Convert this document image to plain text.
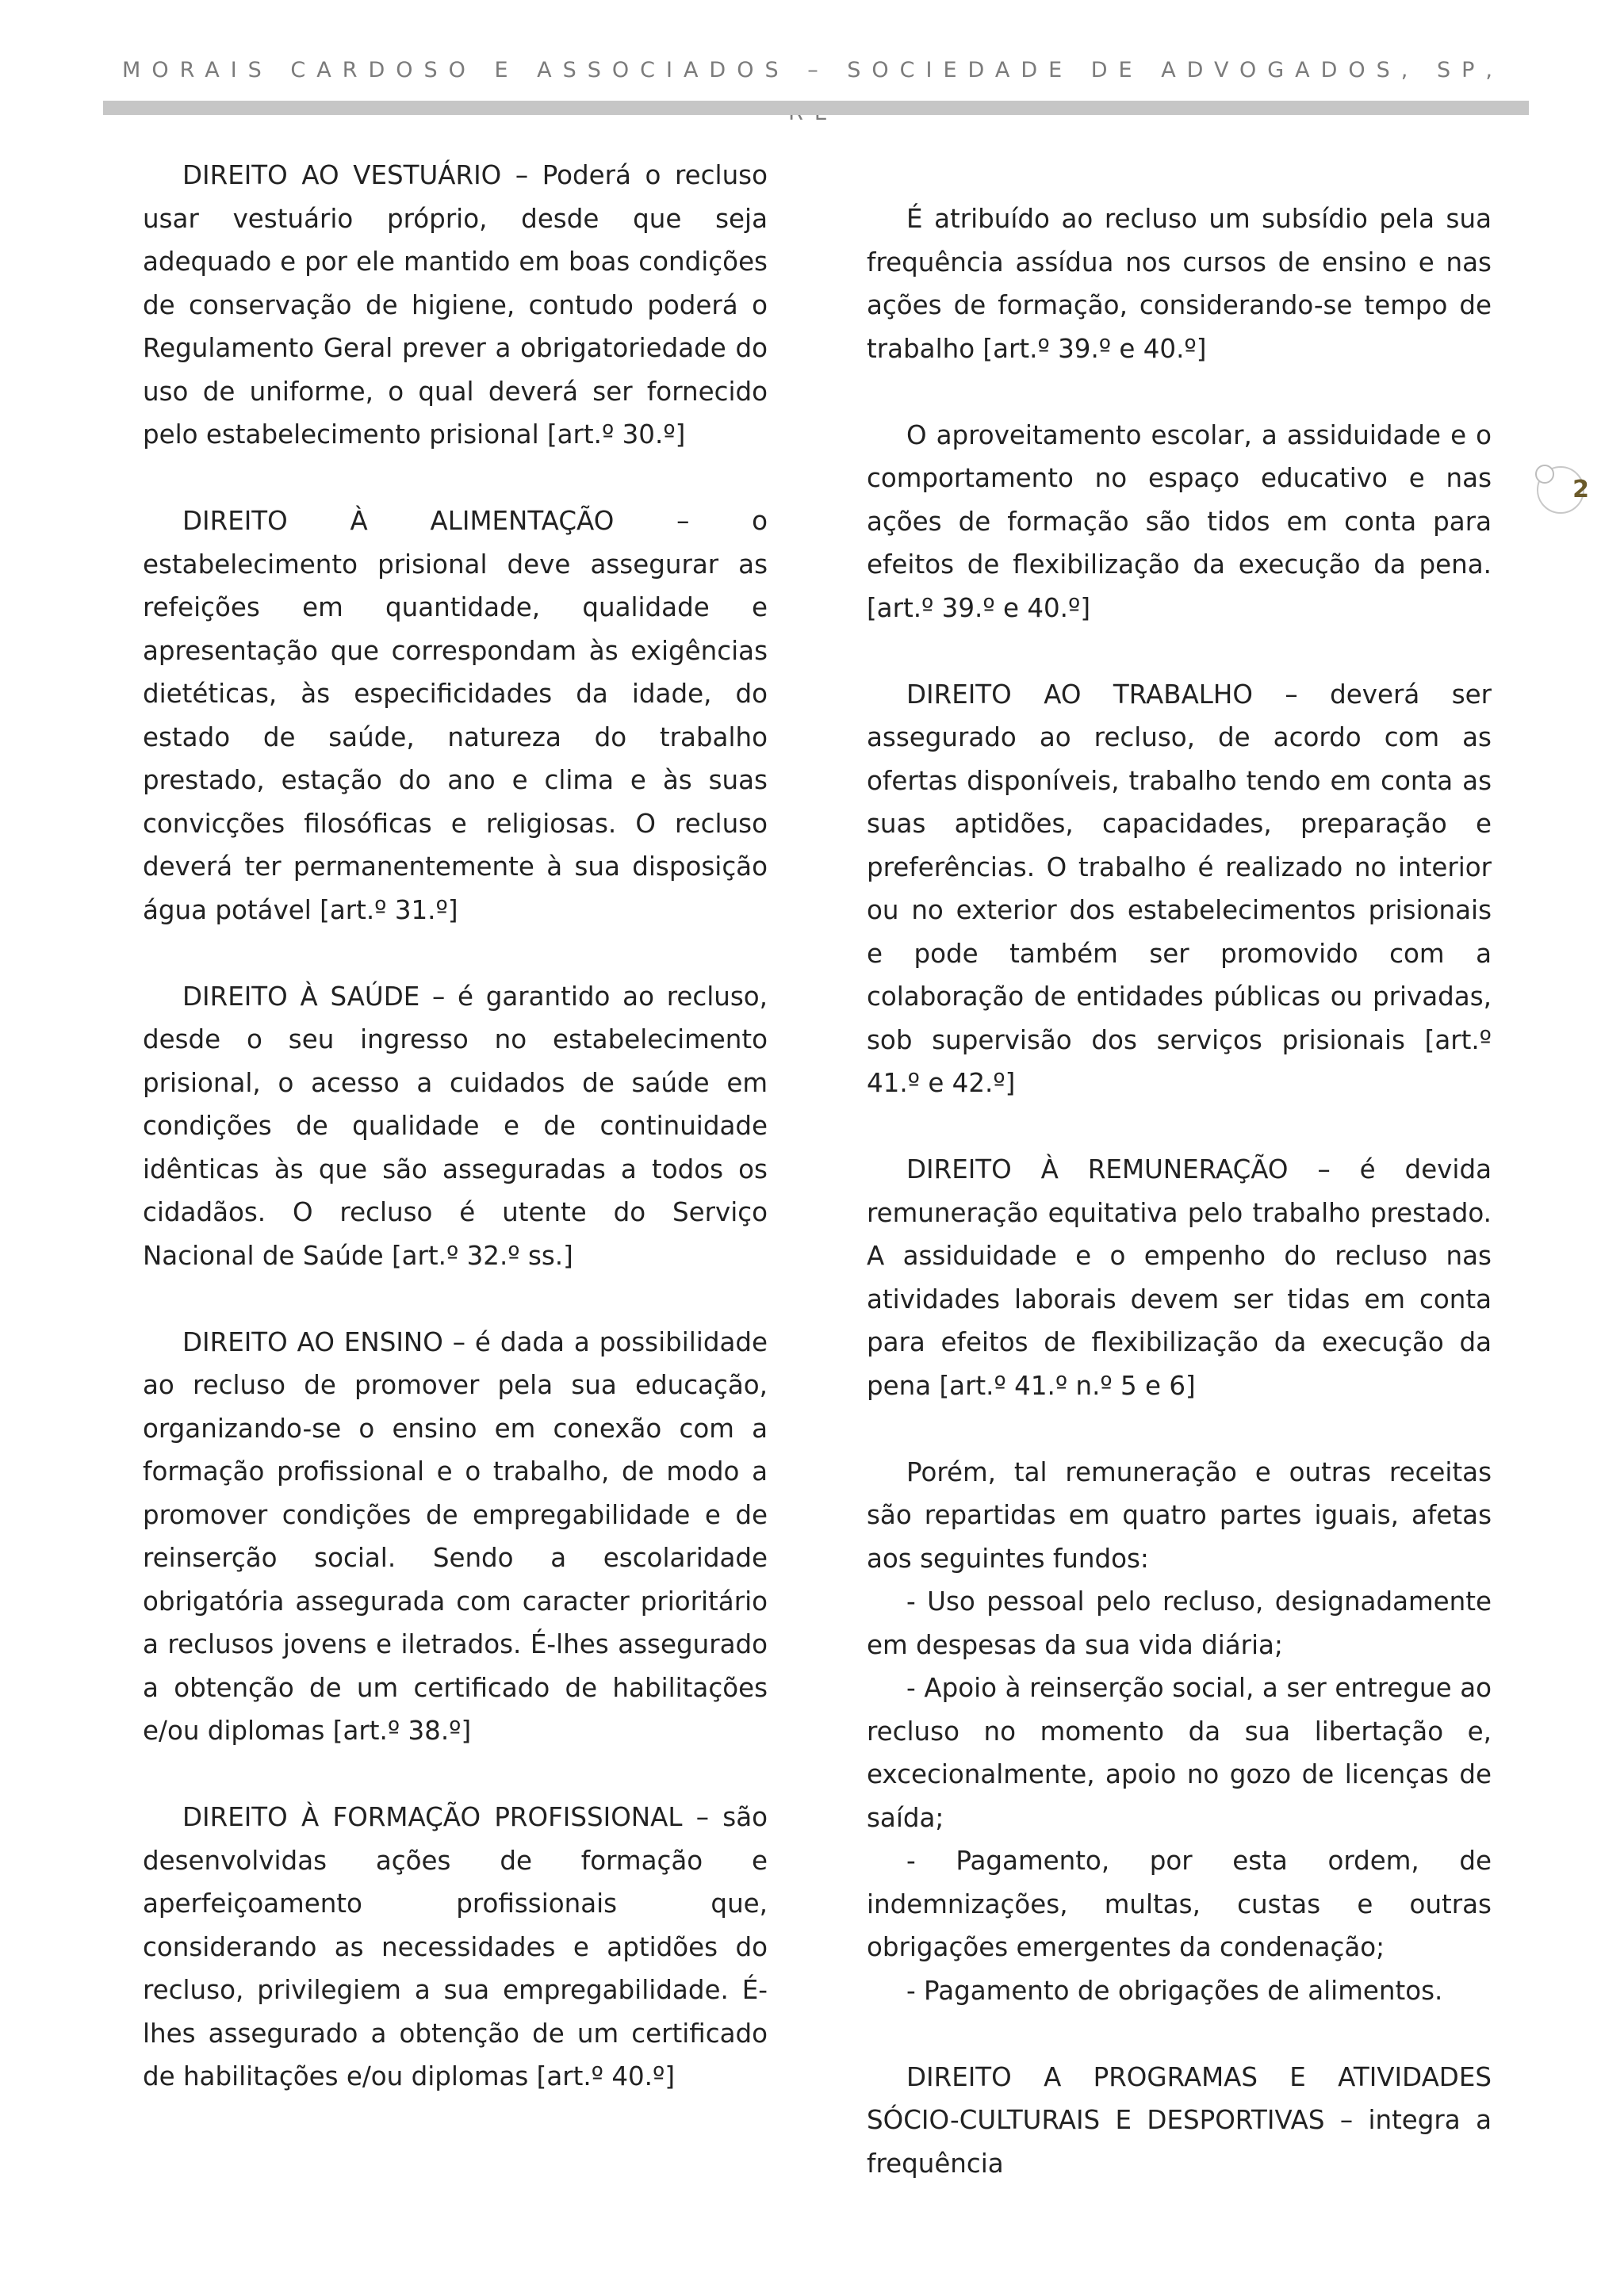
MORAIS CARDOSO E ASSOCIADOS – SOCIEDADE DE ADVOGADOS, SP,
2

DIREITO AO VESTUÁRIO – Poderá o recluso usar vestuário próprio, desde que seja adequado e por ele mantido em boas condições de conservação de higiene, contudo poderá o Regulamento Geral prever a obrigatoriedade do uso de uniforme, o qual deverá ser fornecido pelo estabelecimento prisional [art.º 30.º]

DIREITO À ALIMENTAÇÃO – o estabelecimento prisional deve assegurar as refeições em quantidade, qualidade e apresentação que correspondam às exigências dietéticas, às especificidades da idade, do estado de saúde, natureza do trabalho prestado, estação do ano e clima e às suas convicções filosóficas e religiosas. O recluso deverá ter permanentemente à sua disposição água potável [art.º 31.º]

DIREITO À SAÚDE – é garantido ao recluso, desde o seu ingresso no estabelecimento prisional, o acesso a cuidados de saúde em condições de qualidade e de continuidade idênticas às que são asseguradas a todos os cidadãos. O recluso é utente do Serviço Nacional de Saúde [art.º 32.º ss.]

DIREITO AO ENSINO – é dada a possibilidade ao recluso de promover pela sua educação, organizando-se o ensino em conexão com a formação profissional e o trabalho, de modo a promover condições de empregabilidade e de reinserção social. Sendo a escolaridade obrigatória assegurada com caracter prioritário a reclusos jovens e iletrados. É-lhes assegurado a obtenção de um certificado de habilitações e/ou diplomas [art.º 38.º]

DIREITO À FORMAÇÃO PROFISSIONAL – são desenvolvidas ações de formação e aperfeiçoamento profissionais que, considerando as necessidades e aptidões do recluso, privilegiem a sua empregabilidade. É-lhes assegurado a obtenção de um certificado de habilitações e/ou diplomas [art.º 40.º]

É atribuído ao recluso um subsídio pela sua frequência assídua nos cursos de ensino e nas ações de formação, considerando-se tempo de trabalho [art.º 39.º e 40.º]

O aproveitamento escolar, a assiduidade e o comportamento no espaço educativo e nas ações de formação são tidos em conta para efeitos de flexibilização da execução da pena. [art.º 39.º e 40.º]

DIREITO AO TRABALHO – deverá ser assegurado ao recluso, de acordo com as ofertas disponíveis, trabalho tendo em conta as suas aptidões, capacidades, preparação e preferências. O trabalho é realizado no interior ou no exterior dos estabelecimentos prisionais e pode também ser promovido com a colaboração de entidades públicas ou privadas, sob supervisão dos serviços prisionais [art.º 41.º e 42.º]

DIREITO À REMUNERAÇÃO – é devida remuneração equitativa pelo trabalho prestado. A assiduidade e o empenho do recluso nas atividades laborais devem ser tidas em conta para efeitos de flexibilização da execução da pena [art.º 41.º n.º 5 e 6]

Porém, tal remuneração e outras receitas são repartidas em quatro partes iguais, afetas aos seguintes fundos:

- Uso pessoal pelo recluso, designadamente em despesas da sua vida diária;

- Apoio à reinserção social, a ser entregue ao recluso no momento da sua libertação e, excecionalmente, apoio no gozo de licenças de saída;

- Pagamento, por esta ordem, de indemnizações, multas, custas e outras obrigações emergentes da condenação;

- Pagamento de obrigações de alimentos.

DIREITO A PROGRAMAS E ATIVIDADES SÓCIO-CULTURAIS E DESPORTIVAS – integra a frequência
